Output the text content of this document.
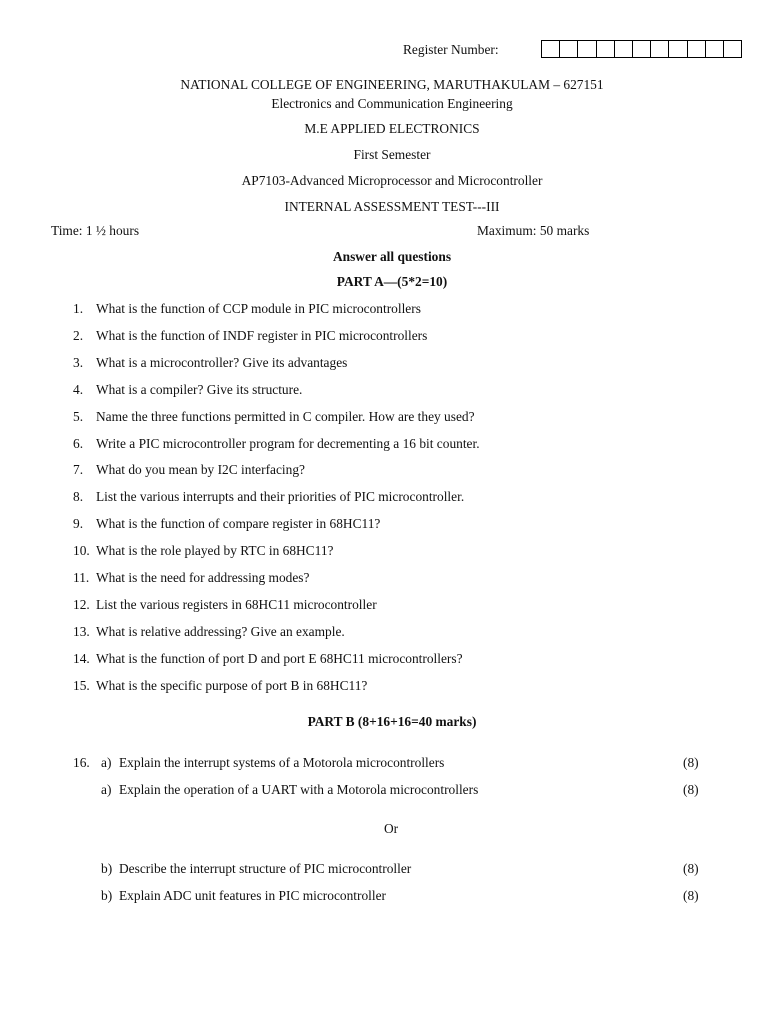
Register Number:
NATIONAL COLLEGE OF ENGINEERING, MARUTHAKULAM – 627151
Electronics and Communication Engineering
M.E APPLIED ELECTRONICS
First Semester
AP7103-Advanced Microprocessor and Microcontroller
INTERNAL ASSESSMENT TEST---III
Time: 1 ½ hours	Maximum: 50 marks
Answer all questions
PART A—(5*2=10)
1. What is the function of CCP module in PIC microcontrollers
2. What is the function of INDF register in PIC microcontrollers
3. What is a microcontroller? Give its advantages
4. What is a compiler? Give its structure.
5. Name the three functions permitted in C compiler. How are they used?
6. Write a PIC microcontroller program for decrementing a 16 bit counter.
7. What do you mean by I2C interfacing?
8. List the various interrupts and their priorities of PIC microcontroller.
9. What is the function of compare register in 68HC11?
10. What is the role played by RTC in 68HC11?
11. What is the need for addressing modes?
12. List the various registers in 68HC11 microcontroller
13. What is relative addressing? Give an example.
14. What is the function of port D and port E 68HC11 microcontrollers?
15. What is the specific purpose of port B in 68HC11?
PART B (8+16+16=40 marks)
16. a) Explain the interrupt systems of a Motorola microcontrollers	(8)
a) Explain the operation of a UART with a Motorola microcontrollers	(8)
Or
b) Describe the interrupt structure of PIC microcontroller	(8)
b) Explain ADC unit features in PIC microcontroller	(8)
